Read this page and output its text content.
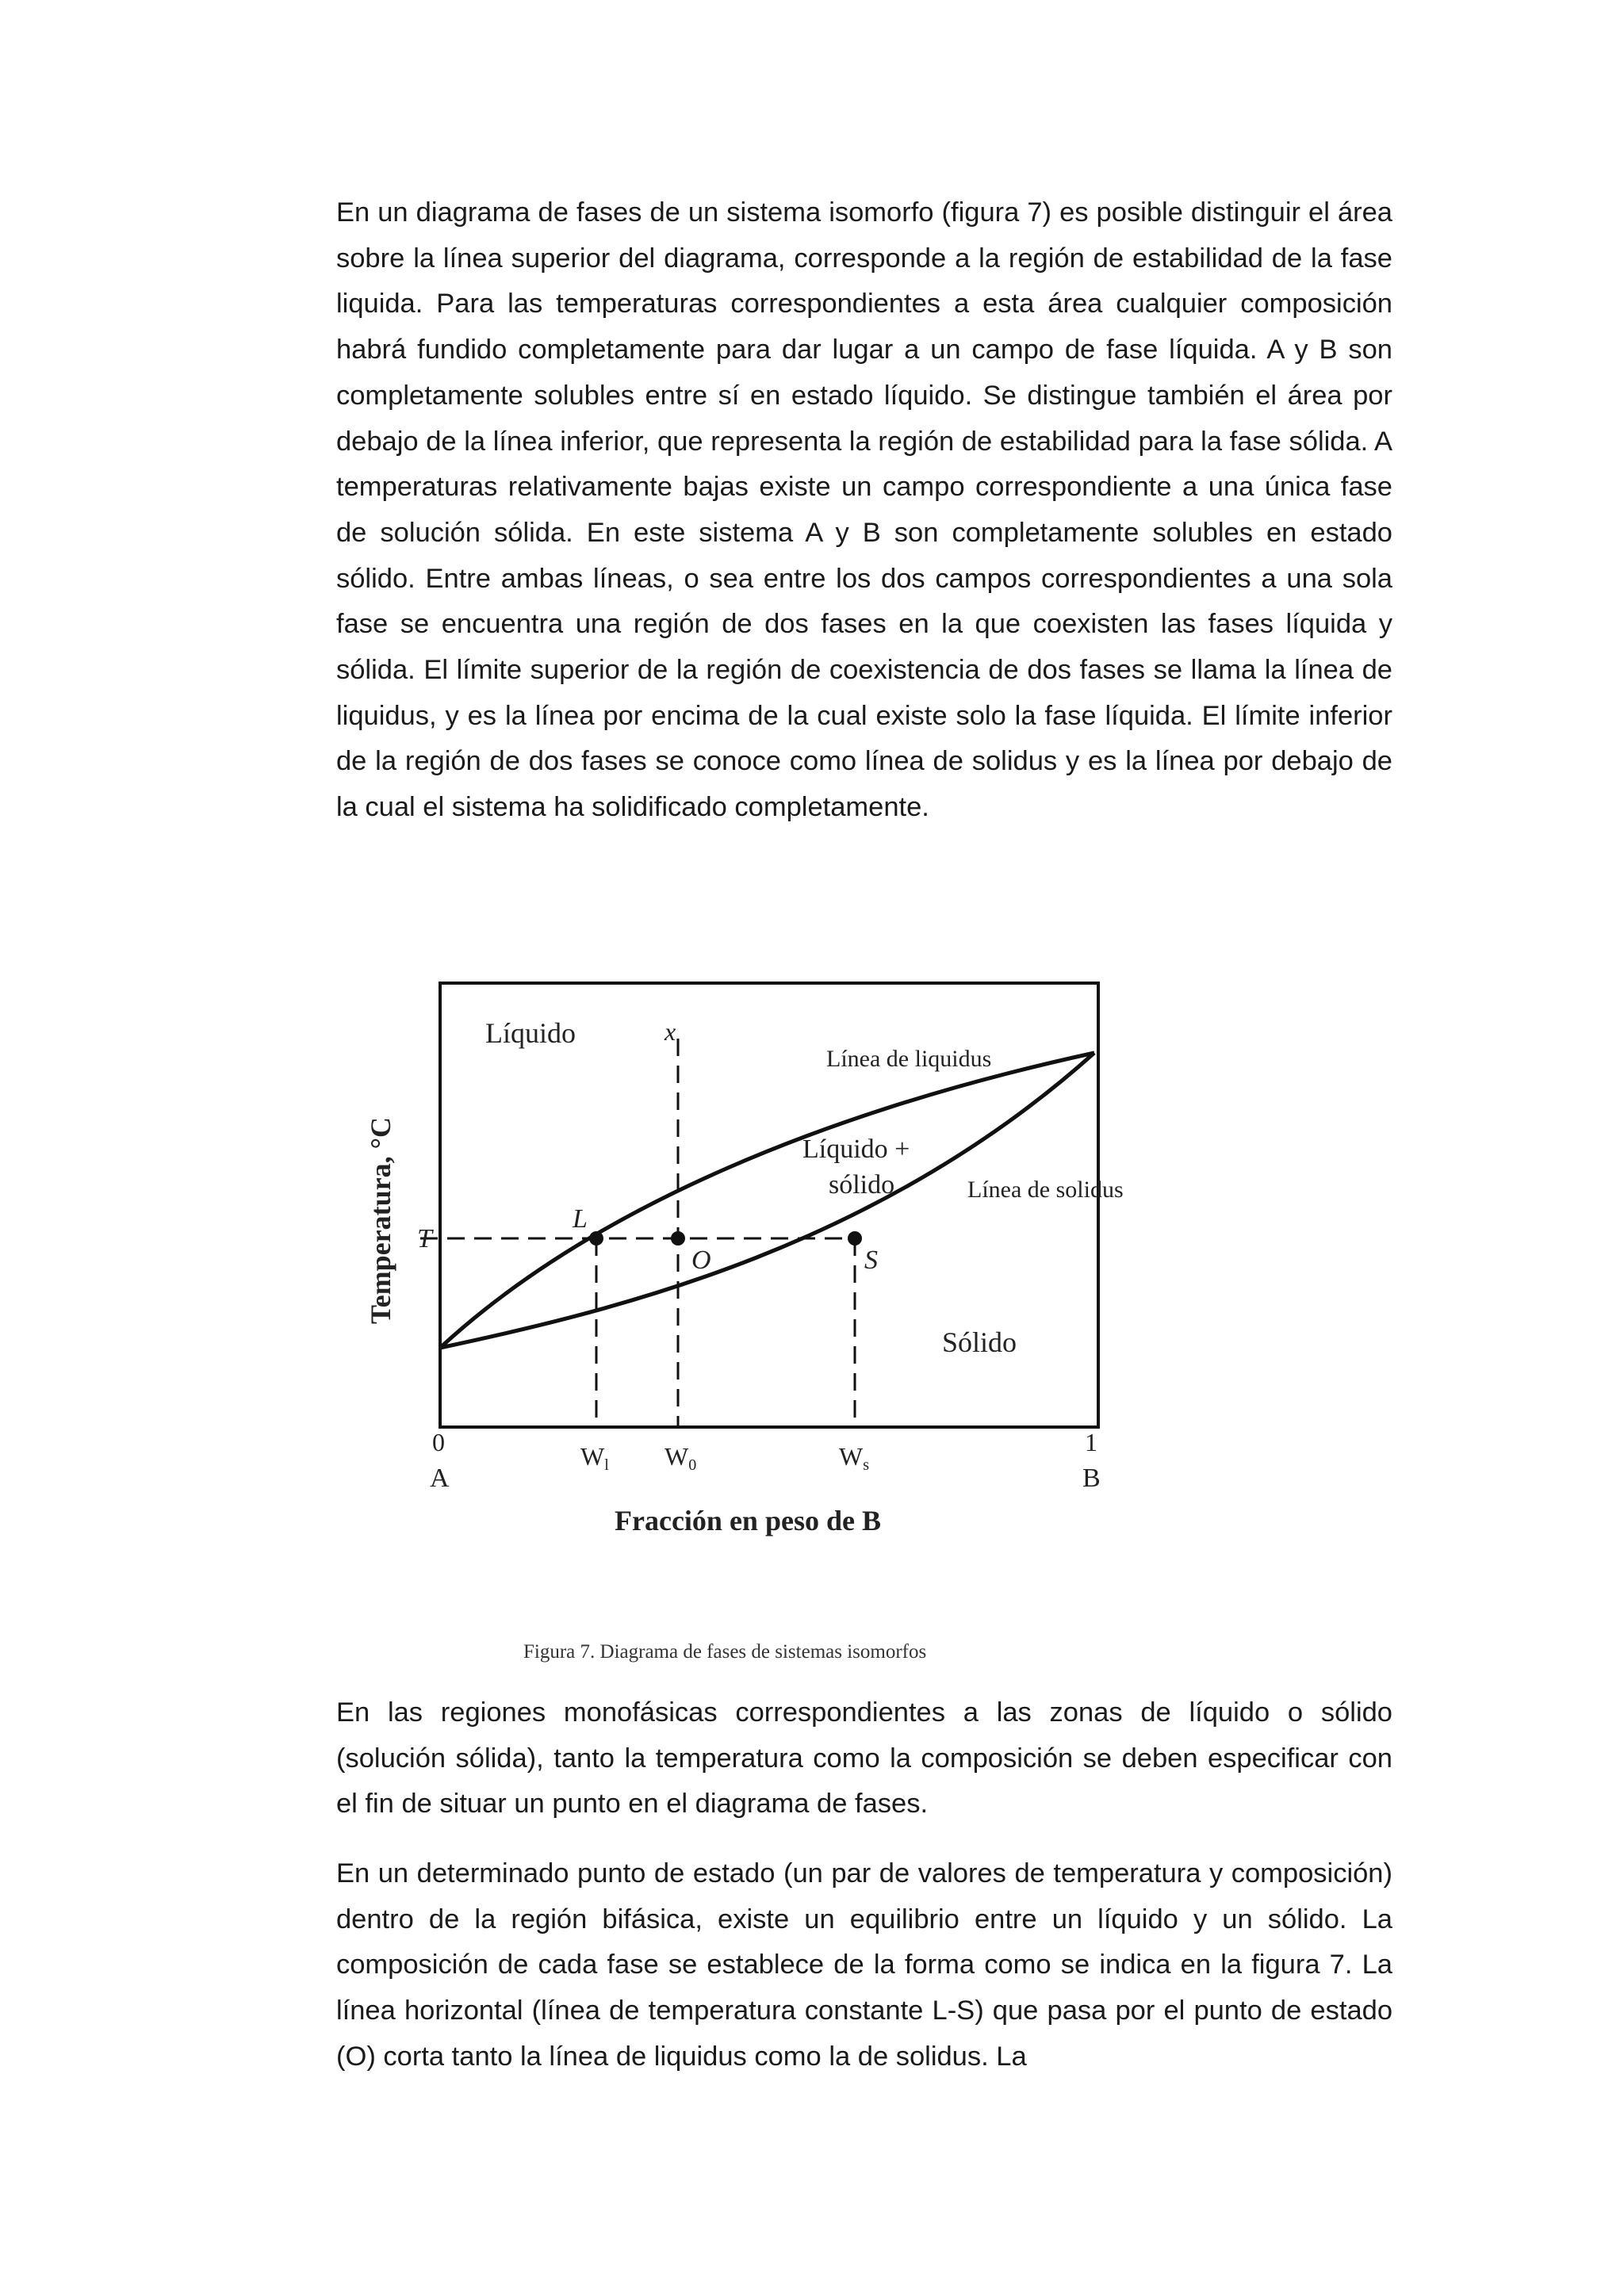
En un diagrama de fases de un sistema isomorfo (figura 7) es posible distinguir el área sobre la línea superior del diagrama, corresponde a la región de estabilidad de la fase liquida. Para las temperaturas correspondientes a esta área cualquier composición habrá fundido completamente para dar lugar a un campo de fase líquida. A y B son completamente solubles entre sí en estado líquido. Se distingue también el área por debajo de la línea inferior, que representa la región de estabilidad para la fase sólida. A temperaturas relativamente bajas existe un campo correspondiente a una única fase de solución sólida. En este sistema A y B son completamente solubles en estado sólido. Entre ambas líneas, o sea entre los dos campos correspondientes a una sola fase se encuentra una región de dos fases en la que coexisten las fases líquida y sólida. El límite superior de la región de coexistencia de dos fases se llama la línea de liquidus, y es la línea por encima de la cual existe solo la fase líquida. El límite inferior de la región de dos fases se conoce como línea de solidus y es la línea por debajo de la cual el sistema ha solidificado completamente.

Líquido
Líquido +
sólido
Sólido
Línea de liquidus
Línea de solidus
x
T
L
O	S
0	1
A	B
Wl W0	Ws
Fracción en peso de B
Temperatura, °C
Figura 7. Diagrama de fases de sistemas isomorfos

En las regiones monofásicas correspondientes a las zonas de líquido o sólido (solución sólida), tanto la temperatura como la composición se deben especificar con el fin de situar un punto en el diagrama de fases.

En un determinado punto de estado (un par de valores de temperatura y composición) dentro de la región bifásica, existe un equilibrio entre un líquido y un sólido. La composición de cada fase se establece de la forma como se indica en la figura 7. La línea horizontal (línea de temperatura constante L-S) que pasa por el punto de estado (O) corta tanto la línea de liquidus como la de solidus. La
